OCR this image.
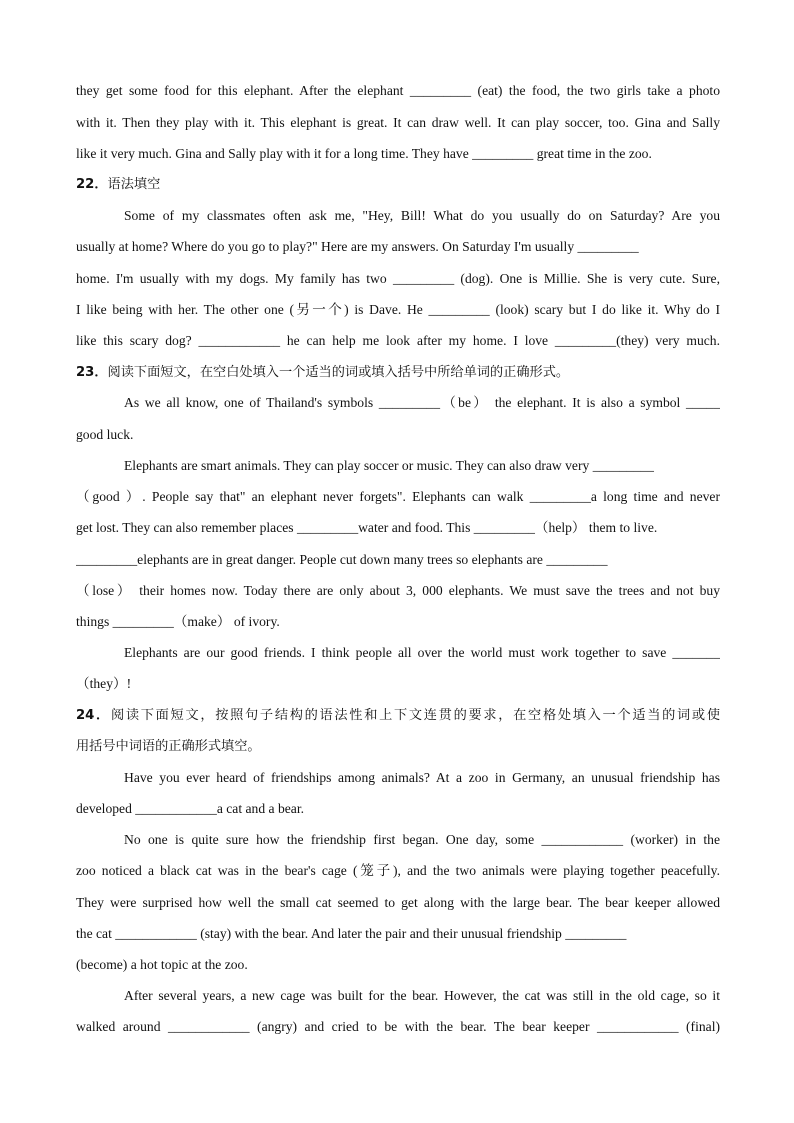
they get some food for this elephant. After the elephant _________ (eat) the food, the two girls take a photo
with it. Then they play with it. This elephant is great. It can draw well. It can play soccer, too. Gina and Sally
like it very much. Gina and Sally play with it for a long time. They have _________ great time in the zoo.
22．语法填空
Some of my classmates often ask me, "Hey, Bill! What do you usually do on Saturday? Are you
usually at home? Where do you go to play?" Here are my answers. On Saturday I'm usually _________
home. I'm usually with my dogs. My family has two _________ (dog). One is Millie. She is very cute. Sure,
I like being with her. The other one (另一个) is Dave. He _________ (look) scary but I do like it. Why do I
like this scary dog? ____________ he can help me look after my home. I love _________(they) very much.
23．阅读下面短文，在空白处填入一个适当的词或填入括号中所给单词的正确形式。
As we all know, one of Thailand's symbols _________（be） the elephant. It is also a symbol _____
good luck.
Elephants are smart animals. They can play soccer or music. They can also draw very _________
（good ）. People say that" an elephant never forgets". Elephants can walk _________a long time and never
get lost. They can also remember places _________water and food. This _________（help） them to live.
_________elephants are in great danger. People cut down many trees so elephants are _________
（lose） their homes now. Today there are only about 3, 000 elephants. We must save the trees and not buy
things _________（make） of ivory.
Elephants are our good friends. I think people all over the world must work together to save _______
（they）!
24．阅读下面短文，按照句子结构的语法性和上下文连贯的要求，在空格处填入一个适当的词或使
用括号中词语的正确形式填空。
Have you ever heard of friendships among animals? At a zoo in Germany, an unusual friendship has
developed ____________a cat and a bear.
No one is quite sure how the friendship first began. One day, some ____________ (worker) in the
zoo noticed a black cat was in the bear's cage (笼子), and the two animals were playing together peacefully.
They were surprised how well the small cat seemed to get along with the large bear. The bear keeper allowed
the cat ____________ (stay) with the bear. And later the pair and their unusual friendship _________
(become) a hot topic at the zoo.
After several years, a new cage was built for the bear. However, the cat was still in the old cage, so it
walked around ____________ (angry) and cried to be with the bear. The bear keeper ____________ (final)
